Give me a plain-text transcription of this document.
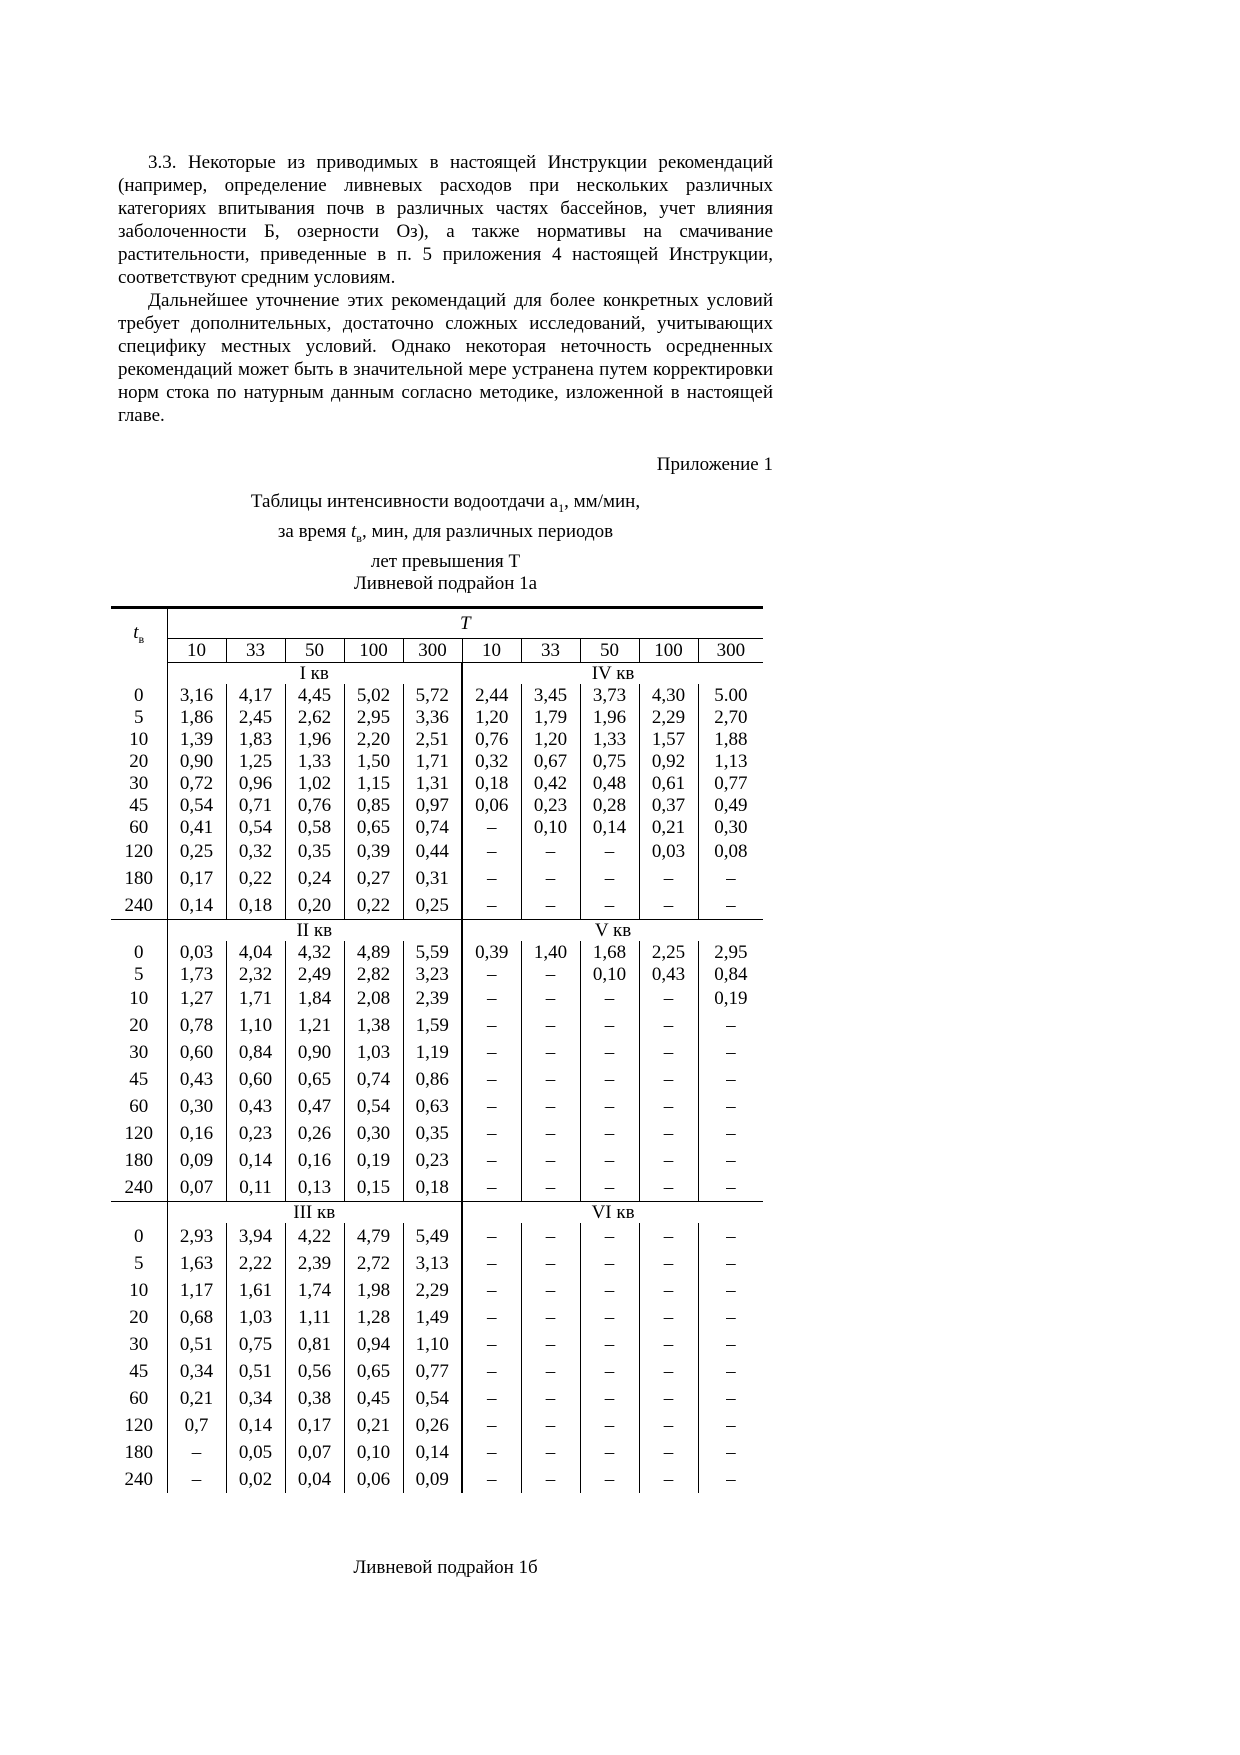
3.3. Некоторые из приводимых в настоящей Инструкции рекомендаций (например, определение ливневых расходов при нескольких различных категориях впитывания почв в различных частях бассейнов, учет влияния заболоченности Б, озерности Оз), а также нормативы на смачивание растительности, приведенные в п. 5 приложения 4 настоящей Инструкции, соответствуют средним условиям.

Дальнейшее уточнение этих рекомендаций для более конкретных условий требует дополнительных, достаточно сложных исследований, учитывающих специфику местных условий. Однако некоторая неточность осредненных рекомендаций может быть в значительной мере устранена путем корректировки норм стока по натурным данным согласно методике, изложенной в настоящей главе.

Приложение 1
Таблицы интенсивности водоотдачи $a_1$, мм/мин,
за время $t_в$, мин, для различных периодов
лет превышения T
Ливневой подрайон 1а
$t_в$	T									
	10	33	50	100	300	10	33	50	100	300
	I кв					IV кв				
0	3,16	4,17	4,45	5,02	5,72	2,44	3,45	3,73	4,30	5.00
5	1,86	2,45	2,62	2,95	3,36	1,20	1,79	1,96	2,29	2,70
10	1,39	1,83	1,96	2,20	2,51	0,76	1,20	1,33	1,57	1,88
20	0,90	1,25	1,33	1,50	1,71	0,32	0,67	0,75	0,92	1,13
30	0,72	0,96	1,02	1,15	1,31	0,18	0,42	0,48	0,61	0,77
45	0,54	0,71	0,76	0,85	0,97	0,06	0,23	0,28	0,37	0,49
60	0,41	0,54	0,58	0,65	0,74	–	0,10	0,14	0,21	0,30
120	0,25	0,32	0,35	0,39	0,44	–	–	–	0,03	0,08
180	0,17	0,22	0,24	0,27	0,31	–	–	–	–	–
240	0,14	0,18	0,20	0,22	0,25	–	–	–	–	–
	II кв					V кв				
0	0,03	4,04	4,32	4,89	5,59	0,39	1,40	1,68	2,25	2,95
5	1,73	2,32	2,49	2,82	3,23	–	–	0,10	0,43	0,84
10	1,27	1,71	1,84	2,08	2,39	–	–	–	–	0,19
20	0,78	1,10	1,21	1,38	1,59	–	–	–	–	–
30	0,60	0,84	0,90	1,03	1,19	–	–	–	–	–
45	0,43	0,60	0,65	0,74	0,86	–	–	–	–	–
60	0,30	0,43	0,47	0,54	0,63	–	–	–	–	–
120	0,16	0,23	0,26	0,30	0,35	–	–	–	–	–
180	0,09	0,14	0,16	0,19	0,23	–	–	–	–	–
240	0,07	0,11	0,13	0,15	0,18	–	–	–	–	–
	III кв					VI кв				
0	2,93	3,94	4,22	4,79	5,49	–	–	–	–	–
5	1,63	2,22	2,39	2,72	3,13	–	–	–	–	–
10	1,17	1,61	1,74	1,98	2,29	–	–	–	–	–
20	0,68	1,03	1,11	1,28	1,49	–	–	–	–	–
30	0,51	0,75	0,81	0,94	1,10	–	–	–	–	–
45	0,34	0,51	0,56	0,65	0,77	–	–	–	–	–
60	0,21	0,34	0,38	0,45	0,54	–	–	–	–	–
120	0,7	0,14	0,17	0,21	0,26	–	–	–	–	–
180	–	0,05	0,07	0,10	0,14	–	–	–	–	–
240	–	0,02	0,04	0,06	0,09	–	–	–	–	–
Ливневой подрайон 1б
